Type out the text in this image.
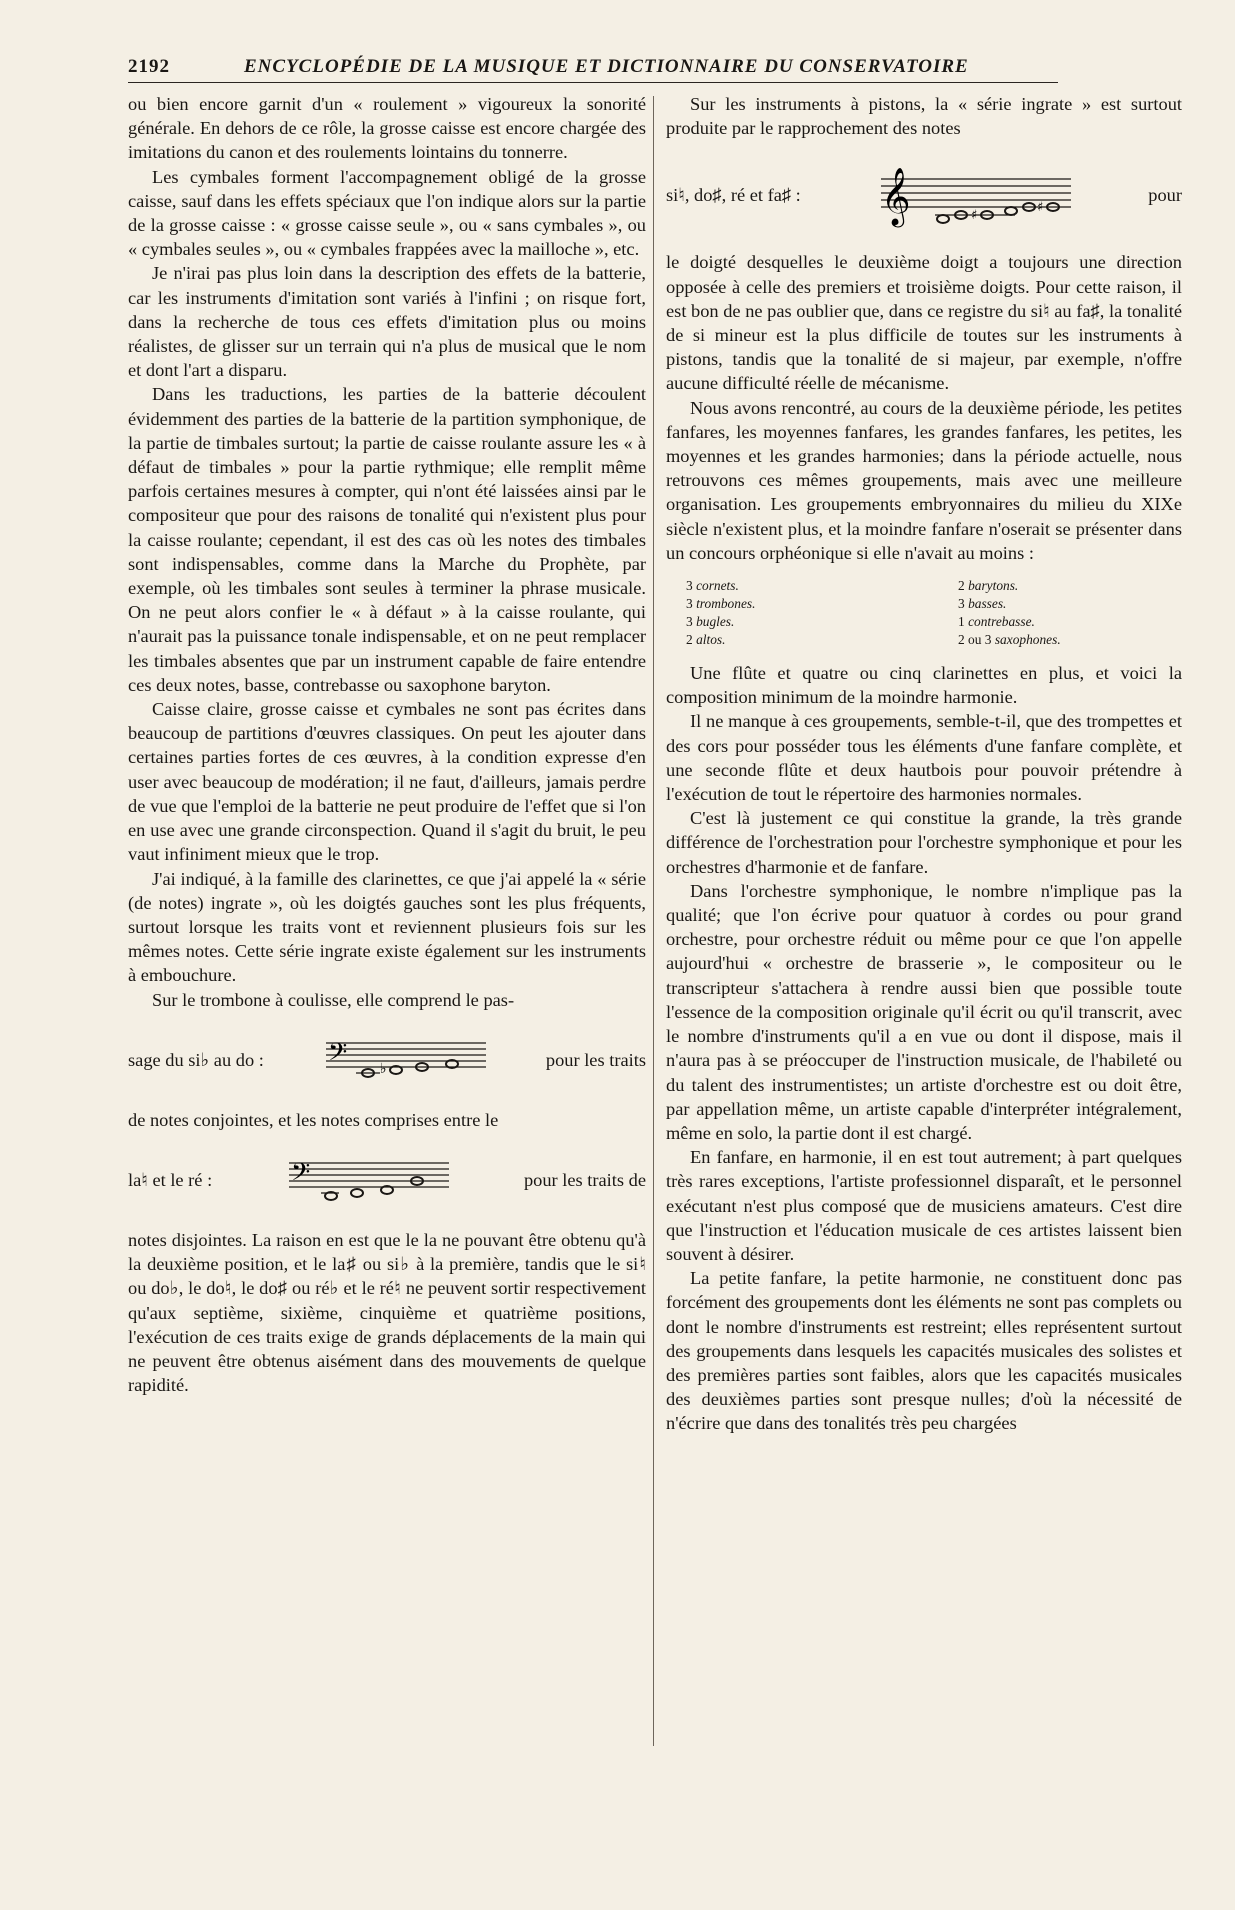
2192	ENCYCLOPÉDIE DE LA MUSIQUE ET DICTIONNAIRE DU CONSERVATOIRE

ou bien encore garnit d'un « roulement » vigoureux la sonorité générale. En dehors de ce rôle, la grosse caisse est encore chargée des imitations du canon et des roulements lointains du tonnerre.

Les cymbales forment l'accompagnement obligé de la grosse caisse, sauf dans les effets spéciaux que l'on indique alors sur la partie de la grosse caisse : « grosse caisse seule », ou « sans cymbales », ou « cymbales seules », ou « cymbales frappées avec la mailloche », etc.

Je n'irai pas plus loin dans la description des effets de la batterie, car les instruments d'imitation sont variés à l'infini ; on risque fort, dans la recherche de tous ces effets d'imitation plus ou moins réalistes, de glisser sur un terrain qui n'a plus de musical que le nom et dont l'art a disparu.

Dans les traductions, les parties de la batterie découlent évidemment des parties de la batterie de la partition symphonique, de la partie de timbales surtout; la partie de caisse roulante assure les « à défaut de timbales » pour la partie rythmique; elle remplit même parfois certaines mesures à compter, qui n'ont été laissées ainsi par le compositeur que pour des raisons de tonalité qui n'existent plus pour la caisse roulante; cependant, il est des cas où les notes des timbales sont indispensables, comme dans la Marche du Prophète, par exemple, où les timbales sont seules à terminer la phrase musicale. On ne peut alors confier le « à défaut » à la caisse roulante, qui n'aurait pas la puissance tonale indispensable, et on ne peut remplacer les timbales absentes que par un instrument capable de faire entendre ces deux notes, basse, contrebasse ou saxophone baryton.

Caisse claire, grosse caisse et cymbales ne sont pas écrites dans beaucoup de partitions d'œuvres classiques. On peut les ajouter dans certaines parties fortes de ces œuvres, à la condition expresse d'en user avec beaucoup de modération; il ne faut, d'ailleurs, jamais perdre de vue que l'emploi de la batterie ne peut produire de l'effet que si l'on en use avec une grande circonspection. Quand il s'agit du bruit, le peu vaut infiniment mieux que le trop.

J'ai indiqué, à la famille des clarinettes, ce que j'ai appelé la « série (de notes) ingrate », où les doigtés gauches sont les plus fréquents, surtout lorsque les traits vont et reviennent plusieurs fois sur les mêmes notes. Cette série ingrate existe également sur les instruments à embouchure.

Sur le trombone à coulisse, elle comprend le pas-

sage du si♭ au do : 𝄢 ♭	pour les traits

de notes conjointes, et les notes comprises entre le

la♮ et le ré :	𝄢	pour les traits de

notes disjointes. La raison en est que le la ne pouvant être obtenu qu'à la deuxième position, et le la♯ ou si♭ à la première, tandis que le si♮ ou do♭, le do♮, le do♯ ou ré♭ et le ré♮ ne peuvent sortir respectivement qu'aux septième, sixième, cinquième et quatrième positions, l'exécution de ces traits exige de grands déplacements de la main qui ne peuvent être obtenus aisément dans des mouvements de quelque rapidité.

Sur les instruments à pistons, la « série ingrate » est surtout produite par le rapprochement des notes

si♮, do♯, ré et fa♯ : 𝄞	♯
♯
pour

le doigté desquelles le deuxième doigt a toujours une direction opposée à celle des premiers et troisième doigts. Pour cette raison, il est bon de ne pas oublier que, dans ce registre du si♮ au fa♯, la tonalité de si mineur est la plus difficile de toutes sur les instruments à pistons, tandis que la tonalité de si majeur, par exemple, n'offre aucune difficulté réelle de mécanisme.

Nous avons rencontré, au cours de la deuxième période, les petites fanfares, les moyennes fanfares, les grandes fanfares, les petites, les moyennes et les grandes harmonies; dans la période actuelle, nous retrouvons ces mêmes groupements, mais avec une meilleure organisation. Les groupements embryonnaires du milieu du XIXe siècle n'existent plus, et la moindre fanfare n'oserait se présenter dans un concours orphéonique si elle n'avait au moins :

3 cornets.	2 barytons.
3 trombones.	3 basses.
3 bugles.	1 contrebasse.
2 altos.	2 ou 3 saxophones.

Une flûte et quatre ou cinq clarinettes en plus, et voici la composition minimum de la moindre harmonie.

Il ne manque à ces groupements, semble-t-il, que des trompettes et des cors pour posséder tous les éléments d'une fanfare complète, et une seconde flûte et deux hautbois pour pouvoir prétendre à l'exécution de tout le répertoire des harmonies normales.

C'est là justement ce qui constitue la grande, la très grande différence de l'orchestration pour l'orchestre symphonique et pour les orchestres d'harmonie et de fanfare.

Dans l'orchestre symphonique, le nombre n'implique pas la qualité; que l'on écrive pour quatuor à cordes ou pour grand orchestre, pour orchestre réduit ou même pour ce que l'on appelle aujourd'hui « orchestre de brasserie », le compositeur ou le transcripteur s'attachera à rendre aussi bien que possible toute l'essence de la composition originale qu'il écrit ou qu'il transcrit, avec le nombre d'instruments qu'il a en vue ou dont il dispose, mais il n'aura pas à se préoccuper de l'instruction musicale, de l'habileté ou du talent des instrumentistes; un artiste d'orchestre est ou doit être, par appellation même, un artiste capable d'interpréter intégralement, même en solo, la partie dont il est chargé.

En fanfare, en harmonie, il en est tout autrement; à part quelques très rares exceptions, l'artiste professionnel disparaît, et le personnel exécutant n'est plus composé que de musiciens amateurs. C'est dire que l'instruction et l'éducation musicale de ces artistes laissent bien souvent à désirer.

La petite fanfare, la petite harmonie, ne constituent donc pas forcément des groupements dont les éléments ne sont pas complets ou dont le nombre d'instruments est restreint; elles représentent surtout des groupements dans lesquels les capacités musicales des solistes et des premières parties sont faibles, alors que les capacités musicales des deuxièmes parties sont presque nulles; d'où la nécessité de n'écrire que dans des tonalités très peu chargées
